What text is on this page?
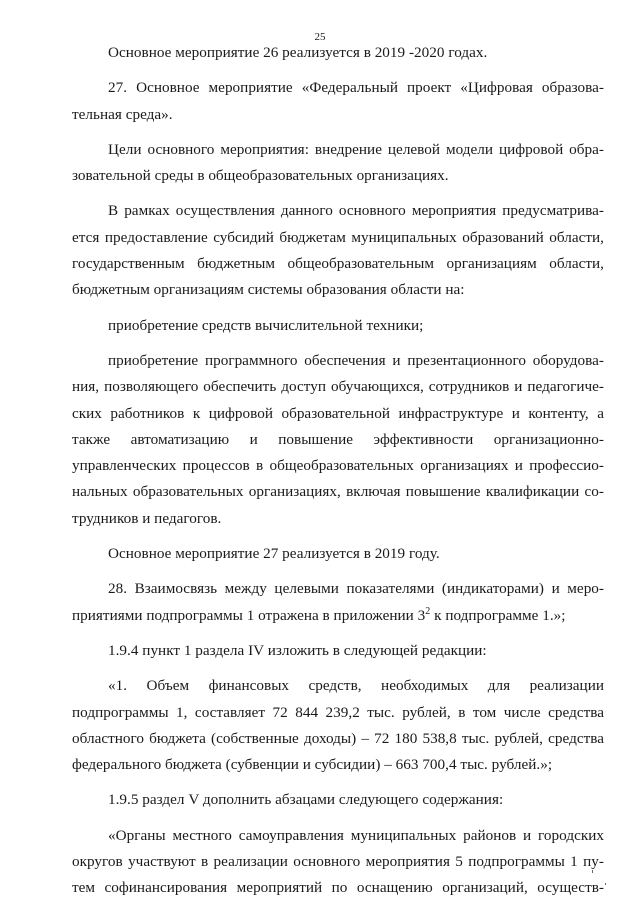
25
Основное мероприятие 26 реализуется в 2019 -2020 годах.
27. Основное мероприятие «Федеральный проект «Цифровая образова-
тельная среда».
Цели основного мероприятия: внедрение целевой модели цифровой обра-
зовательной среды в общеобразовательных организациях.
В рамках осуществления данного основного мероприятия предусматрива-
ется предоставление субсидий бюджетам муниципальных образований области,
государственным бюджетным общеобразовательным организациям области,
бюджетным организациям системы образования области на:
приобретение средств вычислительной техники;
приобретение программного обеспечения и презентационного оборудова-
ния, позволяющего обеспечить доступ обучающихся, сотрудников и педагогиче-
ских работников к цифровой образовательной инфраструктуре и контенту, а
также автоматизацию и повышение эффективности организационно-
управленческих процессов в общеобразовательных организациях и профессио-
нальных образовательных организациях, включая повышение квалификации со-
трудников и педагогов.
Основное мероприятие 27 реализуется в 2019 году.
28. Взаимосвязь между целевыми показателями (индикаторами) и меро-
приятиями подпрограммы 1 отражена в приложении $3^2$ к подпрограмме 1.»;
1.9.4 пункт 1 раздела IV изложить в следующей редакции:
«1. Объем финансовых средств, необходимых для реализации
подпрограммы 1, составляет 72 844 239,2 тыс. рублей, в том числе средства
областного бюджета (собственные доходы) – 72 180 538,8 тыс. рублей, средства
федерального бюджета (субвенции и субсидии) – 663 700,4 тыс. рублей.»;
1.9.5 раздел V дополнить абзацами следующего содержания:
«Органы местного самоуправления муниципальных районов и городских
округов участвуют в реализации основного мероприятия 5 подпрограммы 1 пу-
тем софинансирования мероприятий по оснащению организаций, осуществ-
